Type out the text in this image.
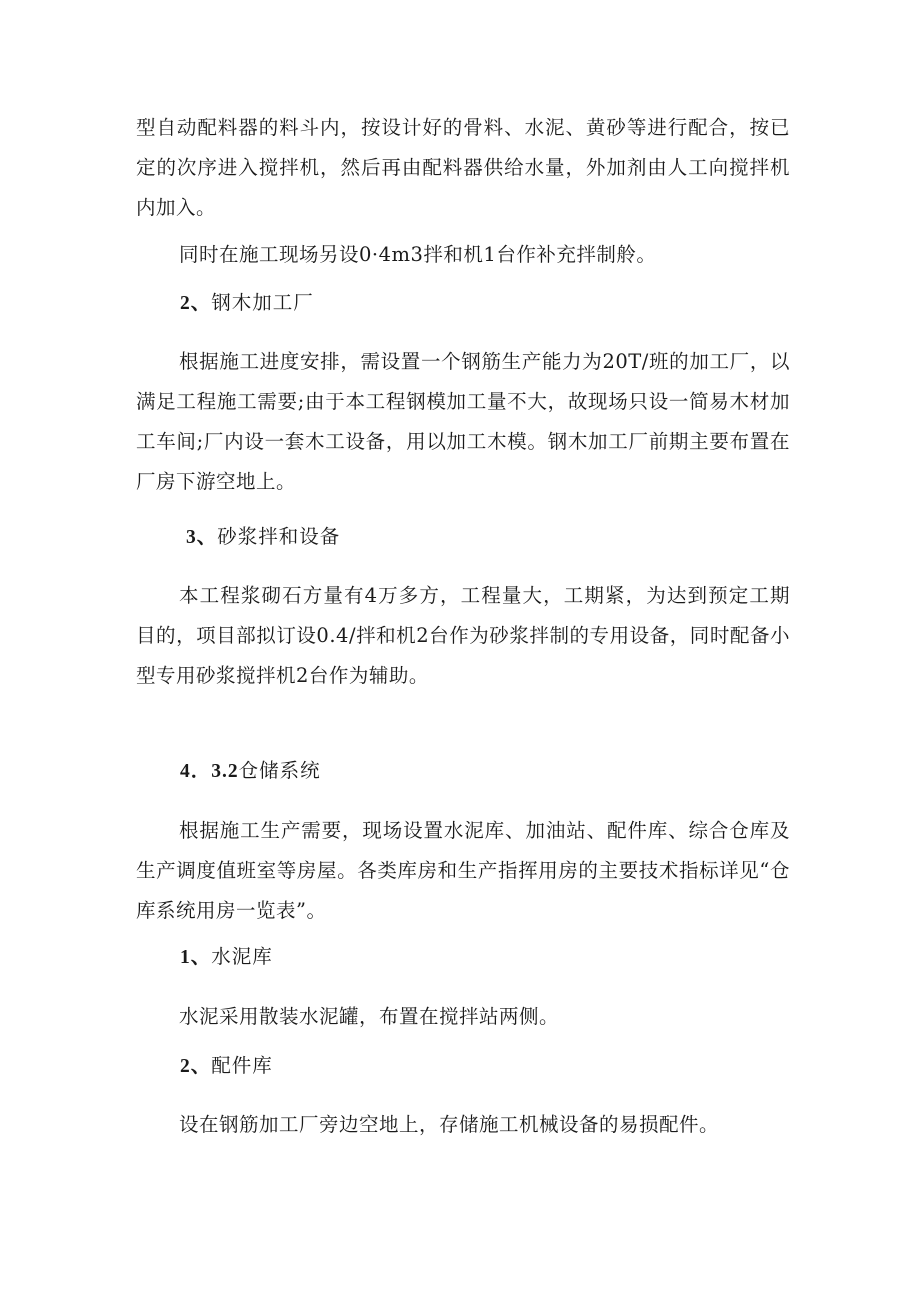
型自动配料器的料斗内，按设计好的骨料、水泥、黄砂等进行配合，按已定的次序进入搅拌机，然后再由配料器供给水量，外加剂由人工向搅拌机内加入。

同时在施工现场另设0·4m3拌和机1台作补充拌制舲。

2、钢木加工厂

根据施工进度安排，需设置一个钢筋生产能力为20T/班的加工厂，以满足工程施工需要;由于本工程钢模加工量不大，故现场只设一简易木材加工车间;厂内设一套木工设备，用以加工木模。钢木加工厂前期主要布置在厂房下游空地上。

3、砂浆拌和设备

本工程浆砌石方量有4万多方，工程量大，工期紧，为达到预定工期目的，项目部拟订设0.4/拌和机2台作为砂浆拌制的专用设备，同时配备小型专用砂浆搅拌机2台作为辅助。

4．3.2仓储系统

根据施工生产需要，现场设置水泥库、加油站、配件库、综合仓库及生产调度值班室等房屋。各类库房和生产指挥用房的主要技术指标详见“仓库系统用房一览表”。

1、水泥库

水泥采用散装水泥罐，布置在搅拌站两侧。

2、配件库

设在钢筋加工厂旁边空地上，存储施工机械设备的易损配件。
